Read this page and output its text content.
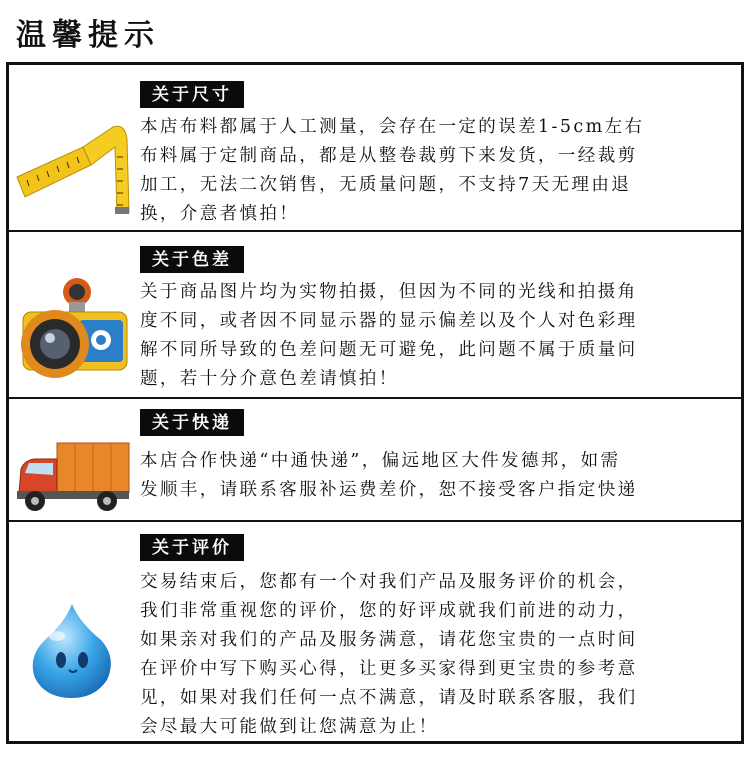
温馨提示
关于尺寸
本店布料都属于人工测量，会存在一定的误差1-5cm左右
布料属于定制商品，都是从整卷裁剪下来发货，一经裁剪
加工，无法二次销售，无质量问题，不支持7天无理由退
换，介意者慎拍！
关于色差
关于商品图片均为实物拍摄，但因为不同的光线和拍摄角
度不同，或者因不同显示器的显示偏差以及个人对色彩理
解不同所导致的色差问题无可避免，此问题不属于质量问
题，若十分介意色差请慎拍！
关于快递
本店合作快递“中通快递”，偏远地区大件发德邦，如需
发顺丰，请联系客服补运费差价，恕不接受客户指定快递
关于评价
交易结束后，您都有一个对我们产品及服务评价的机会，
我们非常重视您的评价，您的好评成就我们前进的动力，
如果亲对我们的产品及服务满意，请花您宝贵的一点时间
在评价中写下购买心得，让更多买家得到更宝贵的参考意
见，如果对我们任何一点不满意，请及时联系客服，我们
会尽最大可能做到让您满意为止！
